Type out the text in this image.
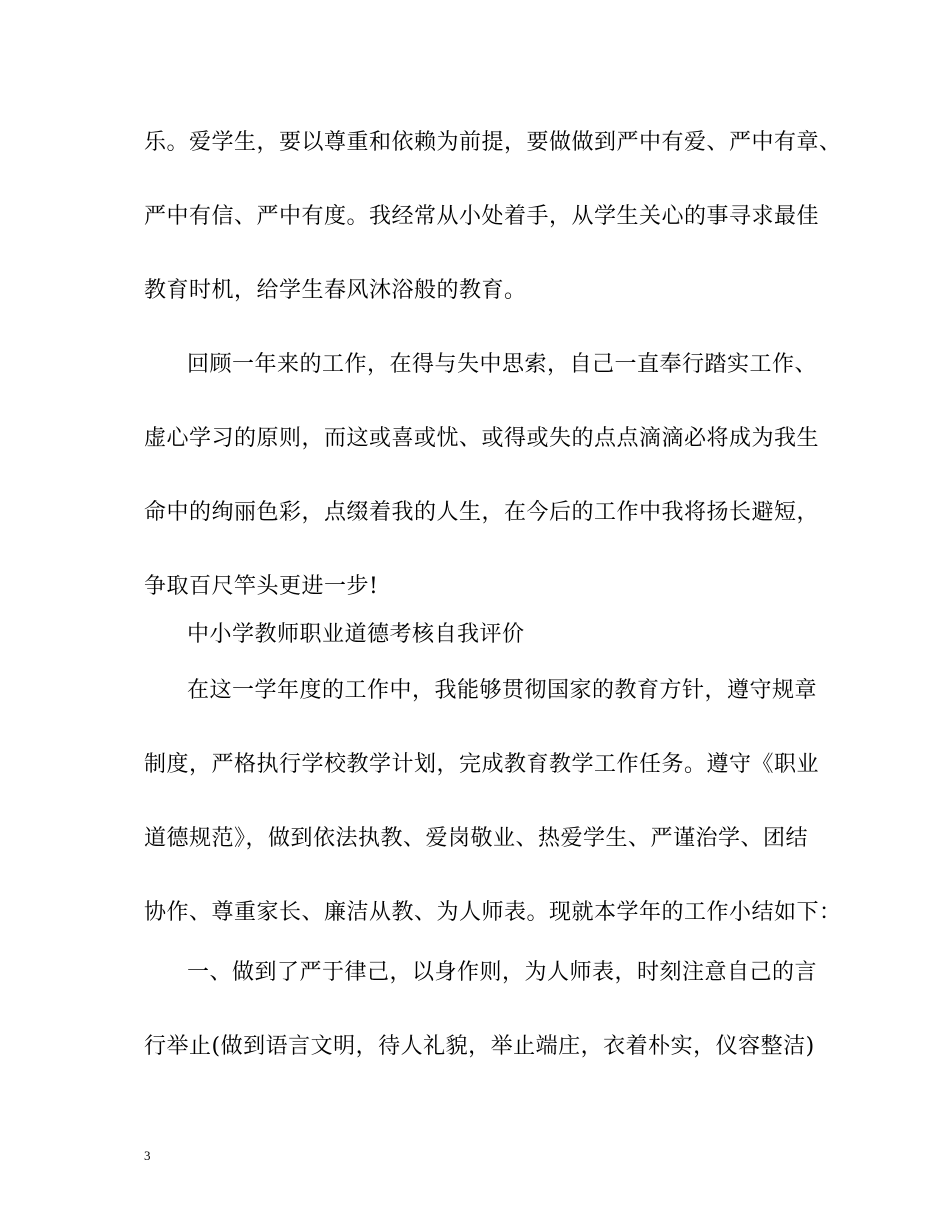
乐。爱学生，要以尊重和依赖为前提，要做做到严中有爱、严中有章、
严中有信、严中有度。我经常从小处着手，从学生关心的事寻求最佳
教育时机，给学生春风沐浴般的教育。
回顾一年来的工作，在得与失中思索，自己一直奉行踏实工作、
虚心学习的原则，而这或喜或忧、或得或失的点点滴滴必将成为我生
命中的绚丽色彩，点缀着我的人生，在今后的工作中我将扬长避短，
争取百尺竿头更进一步!
中小学教师职业道德考核自我评价
在这一学年度的工作中，我能够贯彻国家的教育方针，遵守规章
制度，严格执行学校教学计划，完成教育教学工作任务。遵守《职业
道德规范》，做到依法执教、爱岗敬业、热爱学生、严谨治学、团结
协作、尊重家长、廉洁从教、为人师表。现就本学年的工作小结如下：
一、做到了严于律己，以身作则，为人师表，时刻注意自己的言
行举止(做到语言文明，待人礼貌，举止端庄，衣着朴实，仪容整洁)
3
